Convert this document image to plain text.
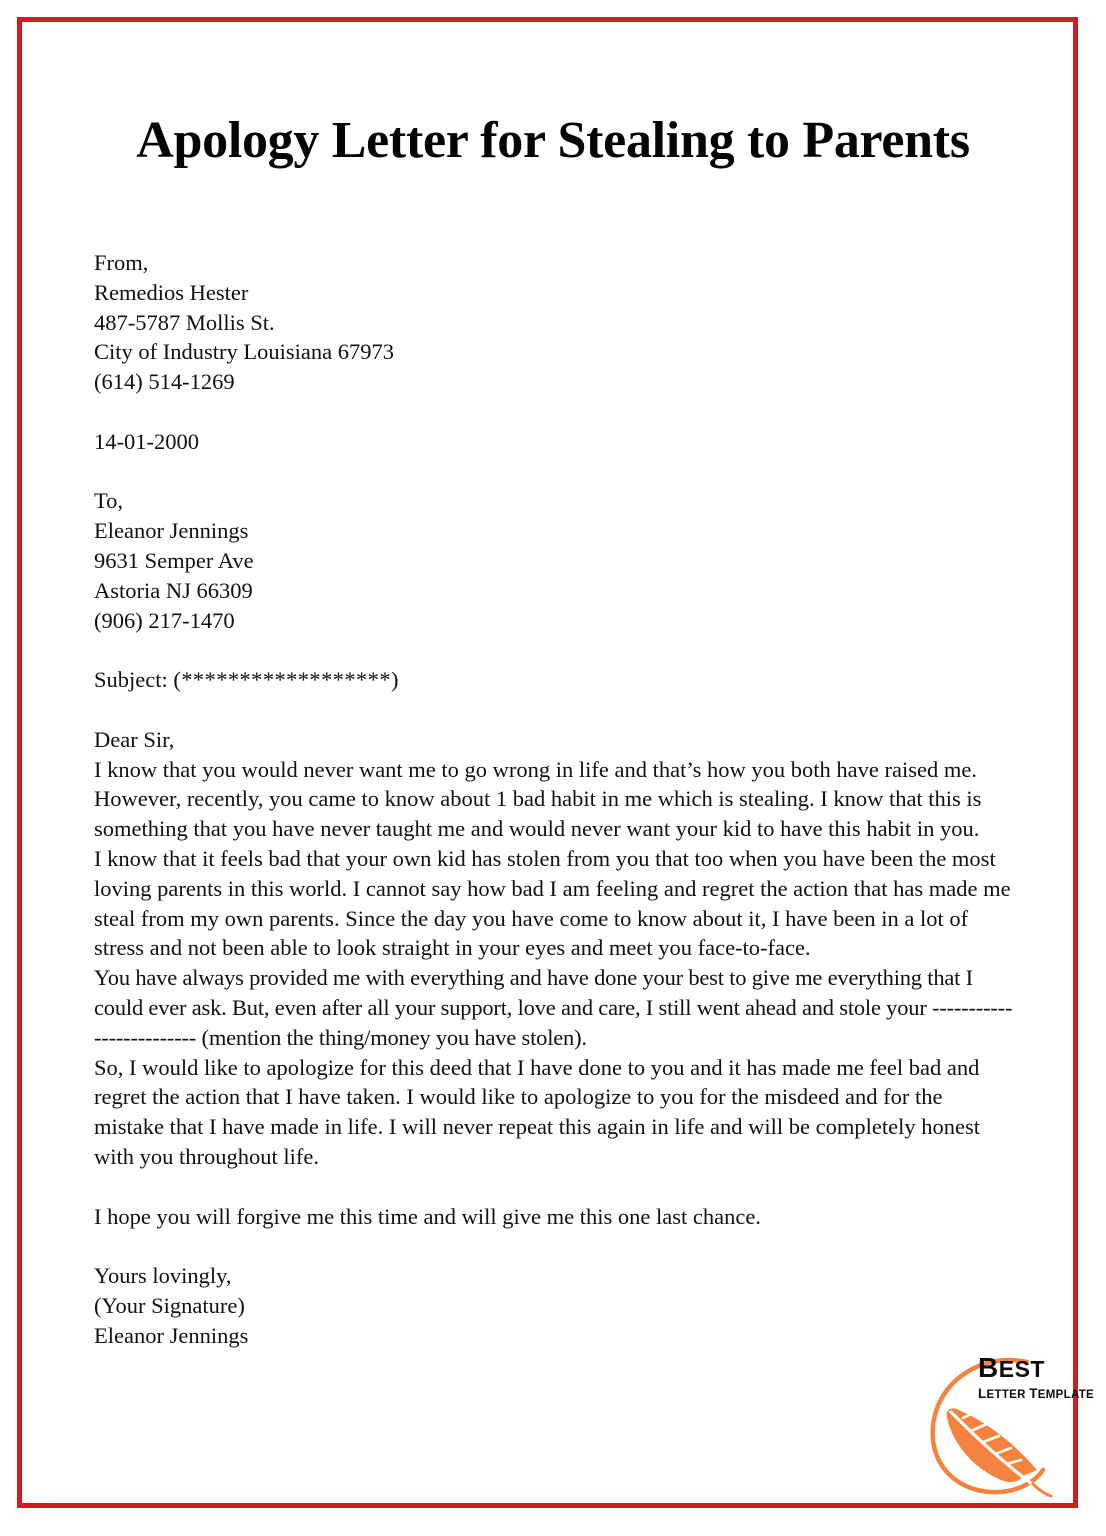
Apology Letter for Stealing to Parents
From,
Remedios Hester
487-5787 Mollis St.
City of Industry Louisiana 67973
(614) 514-1269
14-01-2000
To,
Eleanor Jennings
9631 Semper Ave
Astoria NJ 66309
(906) 217-1470
Subject: (******************)
Dear Sir,

I know that you would never want me to go wrong in life and that’s how you both have raised me. However, recently, you came to know about 1 bad habit in me which is stealing. I know that this is something that you have never taught me and would never want your kid to have this habit in you.

I know that it feels bad that your own kid has stolen from you that too when you have been the most loving parents in this world. I cannot say how bad I am feeling and regret the action that has made me steal from my own parents. Since the day you have come to know about it, I have been in a lot of stress and not been able to look straight in your eyes and meet you face-to-face.

You have always provided me with everything and have done your best to give me everything that I could ever ask. But, even after all your support, love and care, I still went ahead and stole your ------------------------- (mention the thing/money you have stolen).

So, I would like to apologize for this deed that I have done to you and it has made me feel bad and regret the action that I have taken. I would like to apologize to you for the misdeed and for the mistake that I have made in life. I will never repeat this again in life and will be completely honest with you throughout life.

I hope you will forgive me this time and will give me this one last chance.
Yours lovingly,
(Your Signature)
Eleanor Jennings
BEST
LETTER TEMPLATE
